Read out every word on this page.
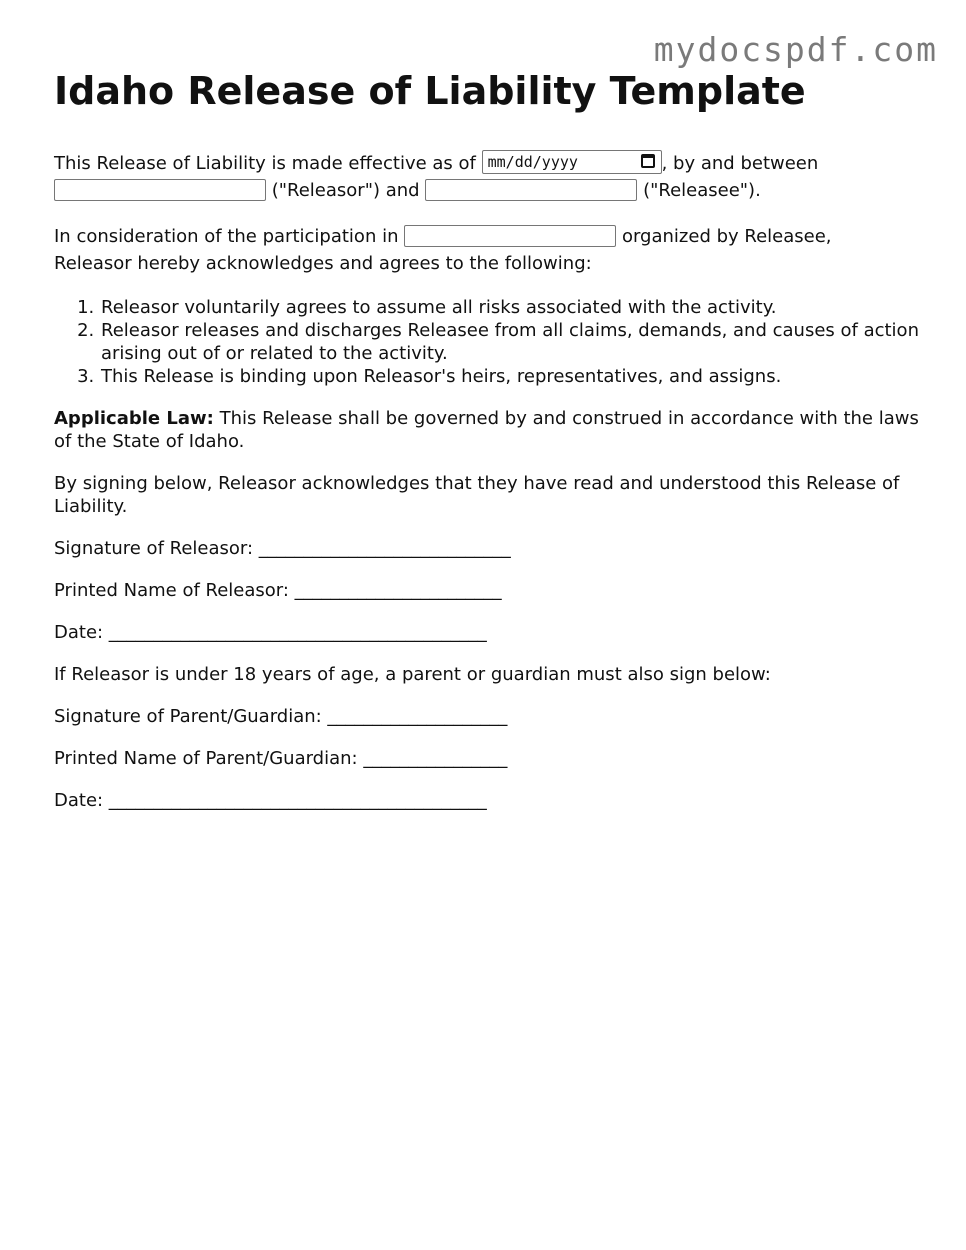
mydocspdf.com
Idaho Release of Liability Template

This Release of Liability is made effective as of mm/dd/yyyy	, by and between
("Releasor") and	("Releasee").

In consideration of the participation in	organized by Releasee,
Releasor hereby acknowledges and agrees to the following:

1. Releasor voluntarily agrees to assume all risks associated with the activity.
2. Releasor releases and discharges Releasee from all claims, demands, and causes of action arising out of or related to the activity.
3. This Release is binding upon Releasor's heirs, representatives, and assigns.

Applicable Law: This Release shall be governed by and construed in accordance with the laws of the State of Idaho.

By signing below, Releasor acknowledges that they have read and understood this Release of Liability.

Signature of Releasor: ____________________________

Printed Name of Releasor: _______________________

Date: __________________________________________

If Releasor is under 18 years of age, a parent or guardian must also sign below:

Signature of Parent/Guardian: ____________________

Printed Name of Parent/Guardian: ________________

Date: __________________________________________
